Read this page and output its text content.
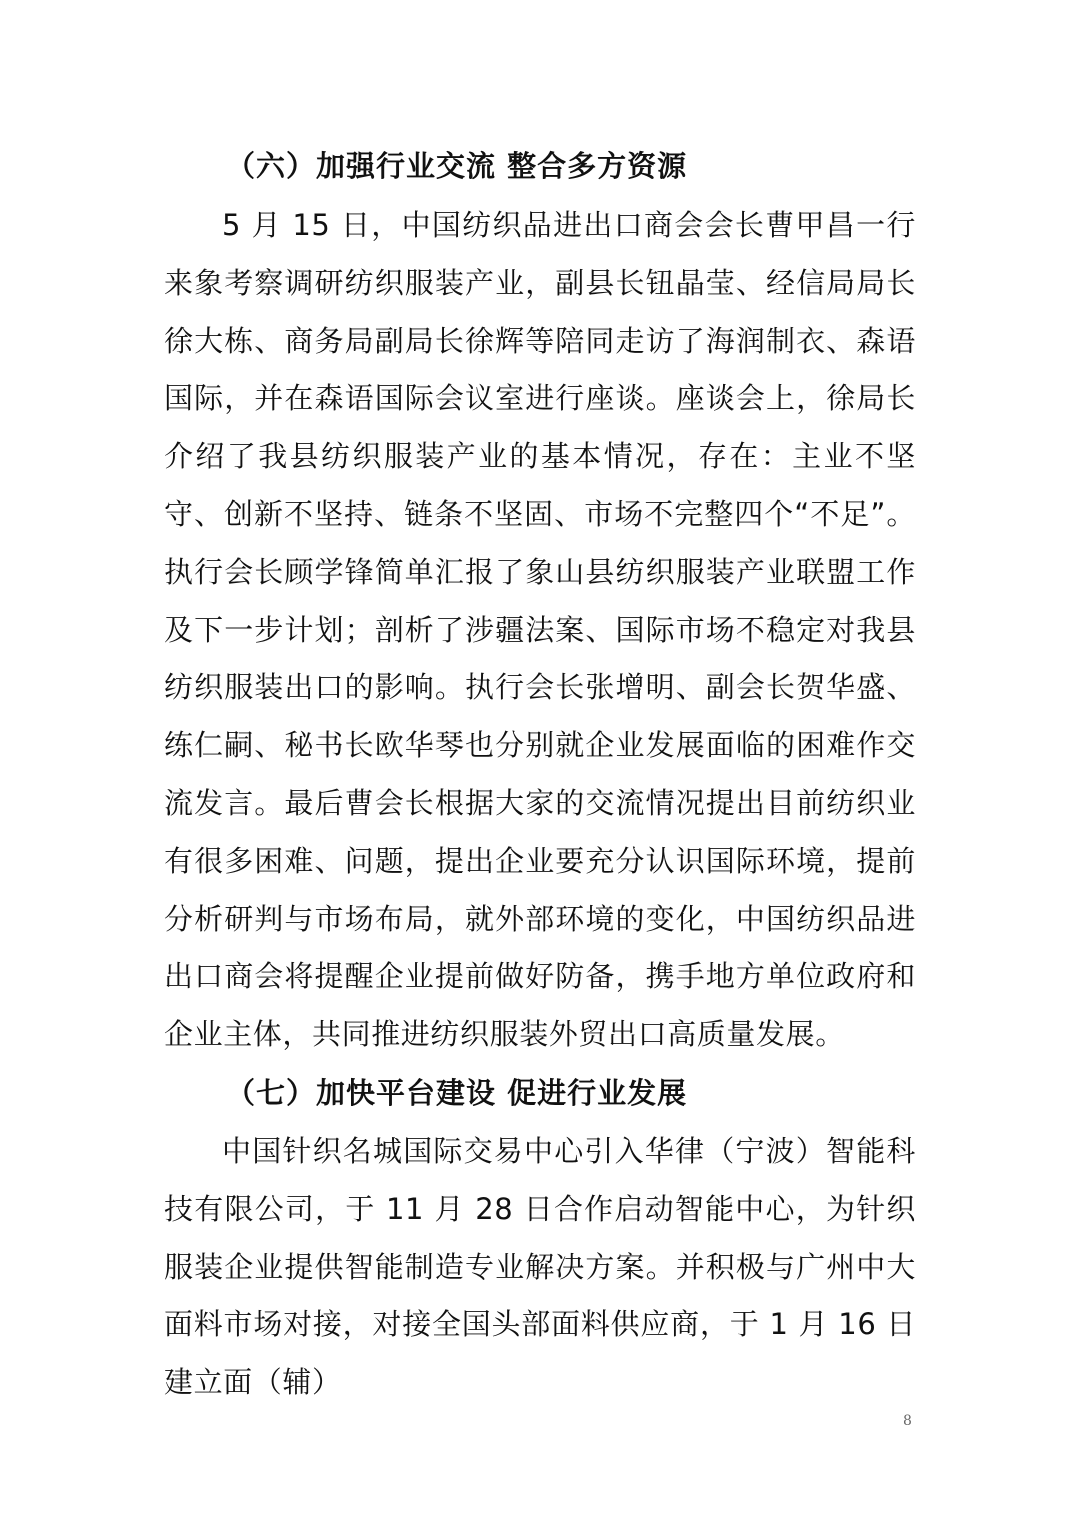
（六）加强行业交流 整合多方资源
5 月 15 日，中国纺织品进出口商会会长曹甲昌一行来象考察调研纺织服装产业，副县长钮晶莹、经信局局长徐大栋、商务局副局长徐辉等陪同走访了海润制衣、森语国际，并在森语国际会议室进行座谈。座谈会上，徐局长介绍了我县纺织服装产业的基本情况，存在：主业不坚守、创新不坚持、链条不坚固、市场不完整四个“不足”。执行会长顾学锋简单汇报了象山县纺织服装产业联盟工作及下一步计划；剖析了涉疆法案、国际市场不稳定对我县纺织服装出口的影响。执行会长张增明、副会长贺华盛、练仁嗣、秘书长欧华琴也分别就企业发展面临的困难作交流发言。最后曹会长根据大家的交流情况提出目前纺织业有很多困难、问题，提出企业要充分认识国际环境，提前分析研判与市场布局，就外部环境的变化，中国纺织品进出口商会将提醒企业提前做好防备，携手地方单位政府和企业主体，共同推进纺织服装外贸出口高质量发展。
（七）加快平台建设 促进行业发展
中国针织名城国际交易中心引入华律（宁波）智能科技有限公司，于 11 月 28 日合作启动智能中心，为针织服装企业提供智能制造专业解决方案。并积极与广州中大面料市场对接，对接全国头部面料供应商，于 1 月 16 日建立面（辅）
8
